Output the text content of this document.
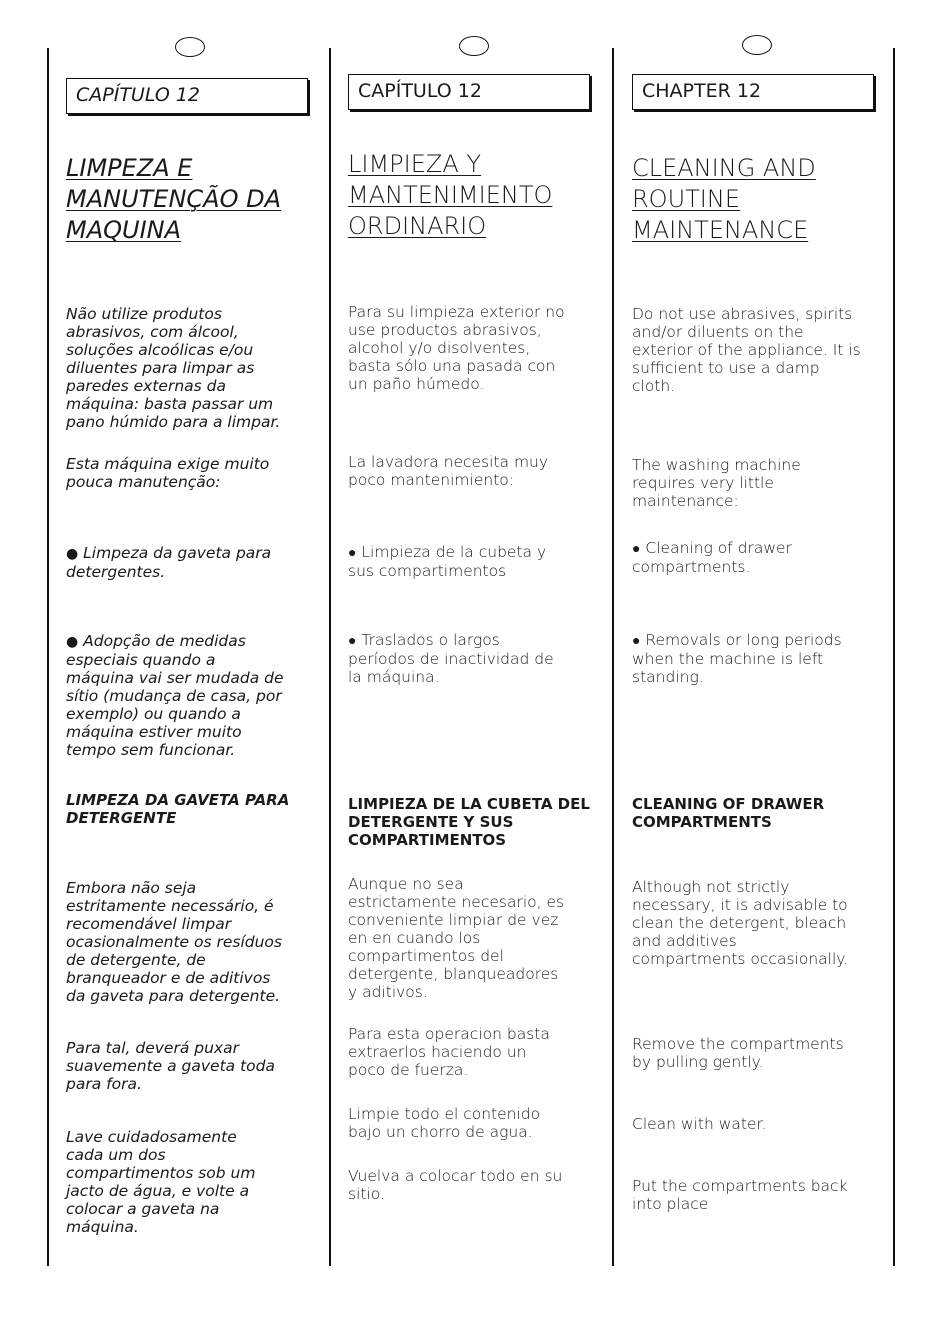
CAPÍTULO 12
LIMPEZA E
MANUTENÇÃO DA
MAQUINA
Não utilize produtos
abrasivos, com álcool,
soluções alcoólicas e/ou
diluentes para limpar as
paredes externas da
máquina: basta passar um
pano húmido para a limpar.
Esta máquina exige muito
pouca manutenção:
● Limpeza da gaveta para
detergentes.
● Adopção de medidas
especiais quando a
máquina vai ser mudada de
sítio (mudança de casa, por
exemplo) ou quando a
máquina estiver muito
tempo sem funcionar.
LIMPEZA DA GAVETA PARA
DETERGENTE
Embora não seja
estritamente necessário, é
recomendável limpar
ocasionalmente os resíduos
de detergente, de
branqueador e de aditivos
da gaveta para detergente.
Para tal, deverá puxar
suavemente a gaveta toda
para fora.
Lave cuidadosamente
cada um dos
compartimentos sob um
jacto de água, e volte a
colocar a gaveta na
máquina.
CAPÍTULO 12
LIMPIEZA Y
MANTENIMIENTO
ORDINARIO
Para su limpieza exterior no
use productos abrasivos,
alcohol y/o disolventes,
basta sólo una pasada con
un paño húmedo.
La lavadora necesita muy
poco mantenimiento:
● Limpieza de la cubeta y
sus compartimentos
● Traslados o largos
períodos de inactividad de
la máquina.
LIMPIEZA DE LA CUBETA DEL
DETERGENTE Y SUS
COMPARTIMENTOS
Aunque no sea
estrictamente necesario, es
conveniente limpiar de vez
en en cuando los
compartimentos del
detergente, blanqueadores
y aditivos.
Para esta operacion basta
extraerlos haciendo un
poco de fuerza.
Limpie todo el contenido
bajo un chorro de agua.
Vuelva a colocar todo en su
sitio.
CHAPTER 12
CLEANING AND
ROUTINE
MAINTENANCE
Do not use abrasives, spirits
and/or diluents on the
exterior of the appliance. It is
sufficient to use a damp
cloth.
The washing machine
requires very little
maintenance:
● Cleaning of drawer
compartments.
● Removals or long periods
when the machine is left
standing.
CLEANING OF DRAWER
COMPARTMENTS
Although not strictly
necessary, it is advisable to
clean the detergent, bleach
and additives
compartments occasionally.
Remove the compartments
by pulling gently.
Clean with water.
Put the compartments back
into place
